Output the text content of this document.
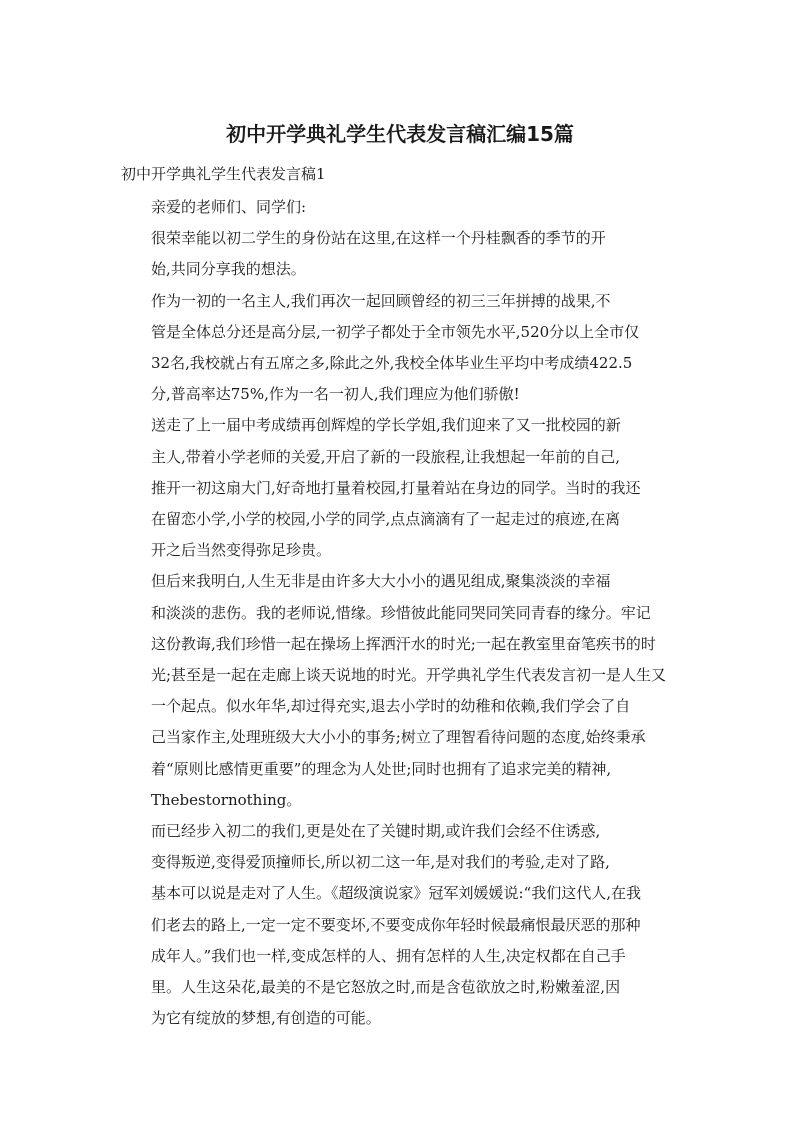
初中开学典礼学生代表发言稿汇编15篇

初中开学典礼学生代表发言稿1

亲爱的老师们、同学们:

很荣幸能以初二学生的身份站在这里,在这样一个丹桂飘香的季节的开
始,共同分享我的想法。

作为一初的一名主人,我们再次一起回顾曾经的初三三年拼搏的战果,不
管是全体总分还是高分层,一初学子都处于全市领先水平,520分以上全市仅
32名,我校就占有五席之多,除此之外,我校全体毕业生平均中考成绩422.5
分,普高率达75%,作为一名一初人,我们理应为他们骄傲!

送走了上一届中考成绩再创辉煌的学长学姐,我们迎来了又一批校园的新
主人,带着小学老师的关爱,开启了新的一段旅程,让我想起一年前的自己,
推开一初这扇大门,好奇地打量着校园,打量着站在身边的同学。当时的我还
在留恋小学,小学的校园,小学的同学,点点滴滴有了一起走过的痕迹,在离
开之后当然变得弥足珍贵。

但后来我明白,人生无非是由许多大大小小的遇见组成,聚集淡淡的幸福
和淡淡的悲伤。我的老师说,惜缘。珍惜彼此能同哭同笑同青春的缘分。牢记
这份教诲,我们珍惜一起在操场上挥洒汗水的时光;一起在教室里奋笔疾书的时
光;甚至是一起在走廊上谈天说地的时光。开学典礼学生代表发言初一是人生又
一个起点。似水年华,却过得充实,退去小学时的幼稚和依赖,我们学会了自
己当家作主,处理班级大大小小的事务;树立了理智看待问题的态度,始终秉承
着“原则比感情更重要”的理念为人处世;同时也拥有了追求完美的精神,
Thebestornothing。

而已经步入初二的我们,更是处在了关键时期,或许我们会经不住诱惑,
变得叛逆,变得爱顶撞师长,所以初二这一年,是对我们的考验,走对了路,
基本可以说是走对了人生。《超级演说家》冠军刘媛媛说:“我们这代人,在我
们老去的路上,一定一定不要变坏,不要变成你年轻时候最痛恨最厌恶的那种
成年人。”我们也一样,变成怎样的人、拥有怎样的人生,决定权都在自己手
里。人生这朵花,最美的不是它怒放之时,而是含苞欲放之时,粉嫩羞涩,因
为它有绽放的梦想,有创造的可能。
